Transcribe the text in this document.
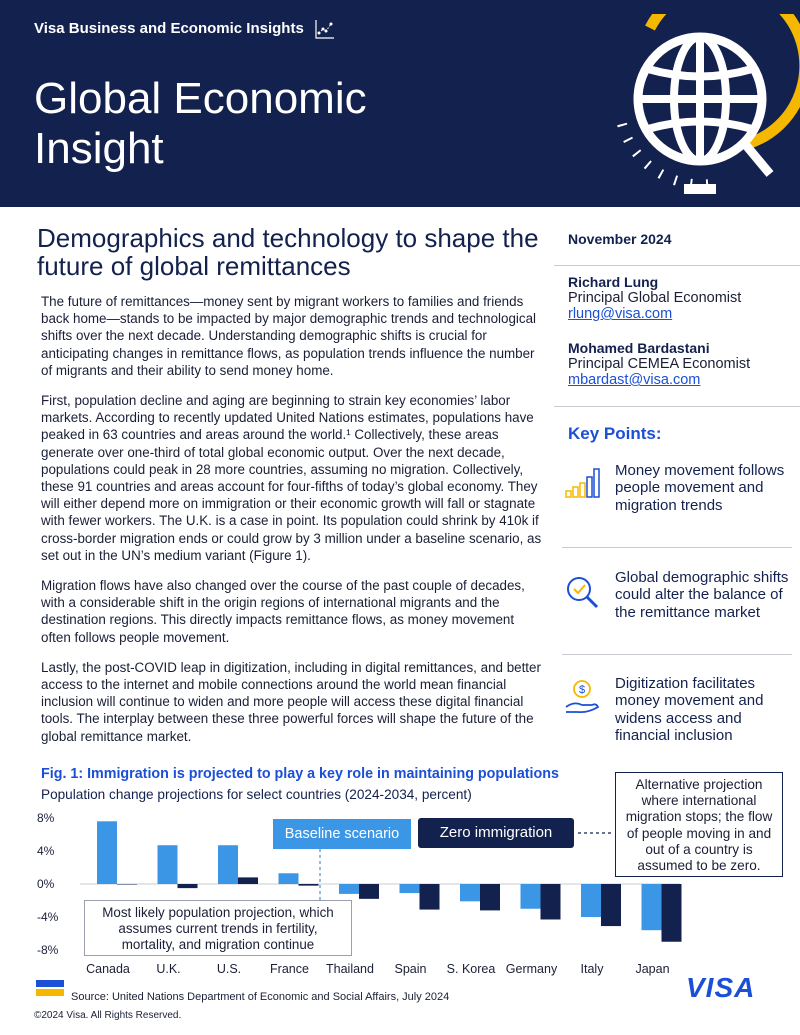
Visa Business and Economic Insights
Global Economic Insight
Demographics and technology to shape the future of global remittances

The future of remittances—money sent by migrant workers to families and friends back home—stands to be impacted by major demographic trends and technological shifts over the next decade. Understanding demographic shifts is crucial for anticipating changes in remittance flows, as population trends influence the number of migrants and their ability to send money home.

First, population decline and aging are beginning to strain key economies’ labor markets. According to recently updated United Nations estimates, populations have peaked in 63 countries and areas around the world.¹ Collectively, these areas generate over one-third of total global economic output. Over the next decade, populations could peak in 28 more countries, assuming no migration. Collectively, these 91 countries and areas account for four-fifths of today’s global economy. They will either depend more on immigration or their economic growth will fall or stagnate with fewer workers. The U.K. is a case in point. Its population could shrink by 410k if cross-border migration ends or could grow by 3 million under a baseline scenario, as set out in the UN’s medium variant (Figure 1).

Migration flows have also changed over the course of the past couple of decades, with a considerable shift in the origin regions of international migrants and the destination regions. This directly impacts remittance flows, as money movement often follows people movement.

Lastly, the post-COVID leap in digitization, including in digital remittances, and better access to the internet and mobile connections around the world mean financial inclusion will continue to widen and more people will access these digital financial tools. The interplay between these three powerful forces will shape the future of the global remittance market.

November 2024
Richard Lung
Principal Global Economist
rlung@visa.com
Mohamed Bardastani
Principal CEMEA Economist
mbardast@visa.com
Key Points:
Money movement follows people movement and migration trends
Global demographic shifts could alter the balance of the remittance market
$ Digitization facilitates money movement and widens access and financial inclusion
Fig. 1: Immigration is projected to play a key role in maintaining populations
Population change projections for select countries (2024-2034, percent)
8%
4%
0%
-4%
-8%
Canada U.K.	U.S. France Thailand Spain S. Korea Germany Italy	Japan
Baseline scenario	Zero immigration
Alternative projection where international migration stops; the flow of people moving in and out of a country is assumed to be zero.
Most likely population projection, which assumes current trends in fertility, mortality, and migration continue
Source: United Nations Department of Economic and Social Affairs, July 2024
©2024 Visa. All Rights Reserved.
VISA
